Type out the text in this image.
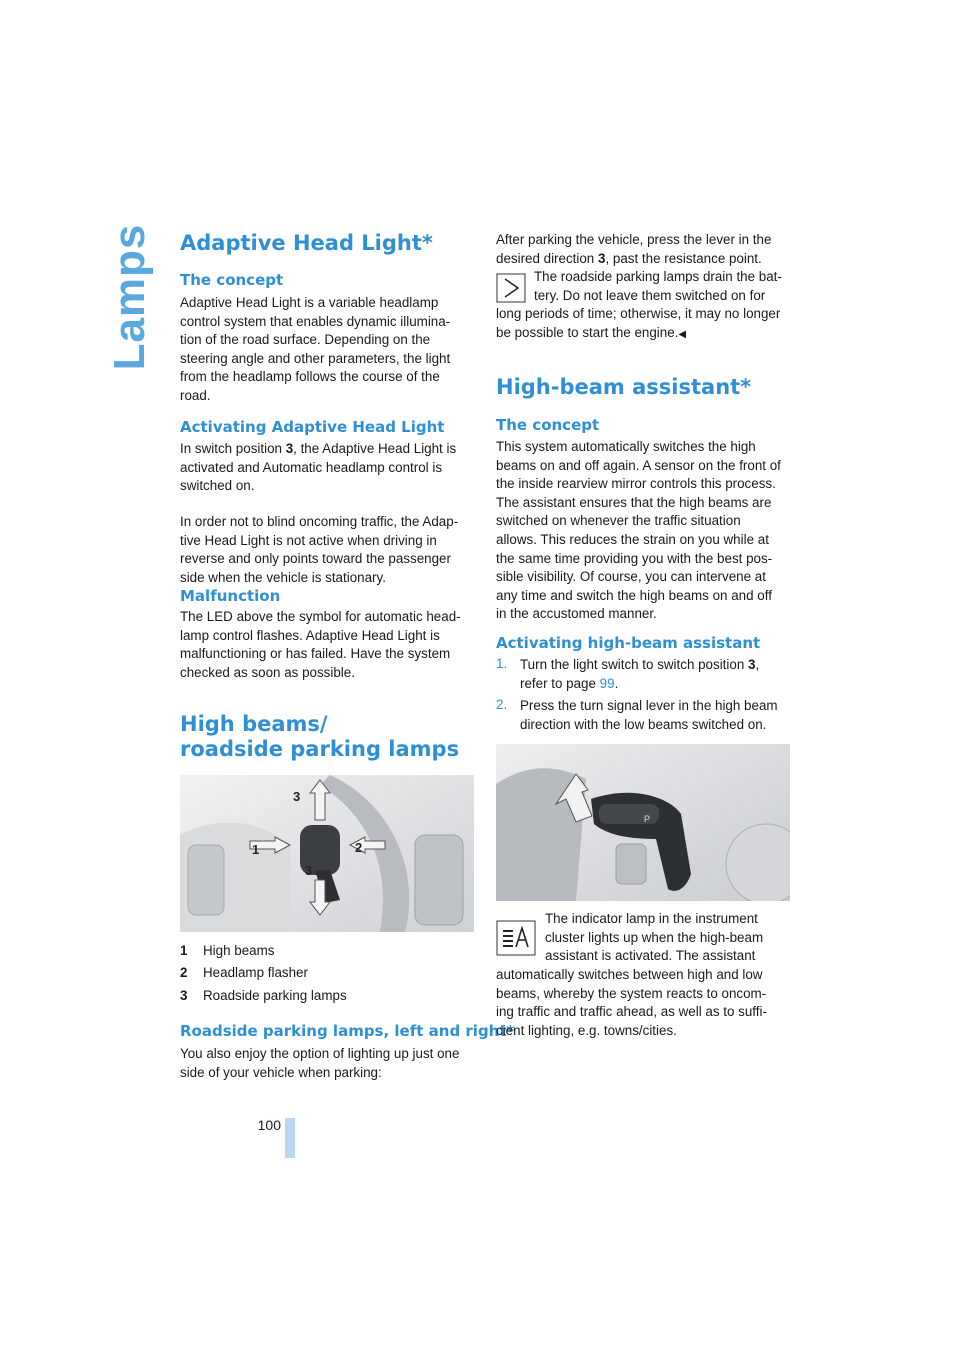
Lamps Adaptive Head Light*
The concept
Adaptive Head Light is a variable headlamp
control system that enables dynamic illumina-
tion of the road surface. Depending on the
steering angle and other parameters, the light
from the headlamp follows the course of the
road.
Activating Adaptive Head Light
In switch position 3, the Adaptive Head Light is
activated and Automatic headlamp control is
switched on.
In order not to blind oncoming traffic, the Adap-
tive Head Light is not active when driving in
reverse and only points toward the passenger
side when the vehicle is stationary.
Malfunction
The LED above the symbol for automatic head-
lamp control flashes. Adaptive Head Light is
malfunctioning or has failed. Have the system
checked as soon as possible.
High beams/
roadside parking lamps
3
1	2
3
1 High beams
2 Headlamp flasher
3 Roadside parking lamps
Roadside parking lamps, left and right*
You also enjoy the option of lighting up just one
side of your vehicle when parking:
After parking the vehicle, press the lever in the
desired direction 3, past the resistance point.
The roadside parking lamps drain the bat-
tery. Do not leave them switched on for
long periods of time; otherwise, it may no longer
be possible to start the engine.◀
High-beam assistant*
The concept
This system automatically switches the high
beams on and off again. A sensor on the front of
the inside rearview mirror controls this process.
The assistant ensures that the high beams are
switched on whenever the traffic situation
allows. This reduces the strain on you while at
the same time providing you with the best pos-
sible visibility. Of course, you can intervene at
any time and switch the high beams on and off
in the accustomed manner.
Activating high-beam assistant
1. Turn the light switch to switch position 3,
refer to page 99.
2. Press the turn signal lever in the high beam
direction with the low beams switched on.
P
The indicator lamp in the instrument
cluster lights up when the high-beam
assistant is activated. The assistant
automatically switches between high and low
beams, whereby the system reacts to oncom-
ing traffic and traffic ahead, as well as to suffi-
cient lighting, e.g. towns/cities.
100
